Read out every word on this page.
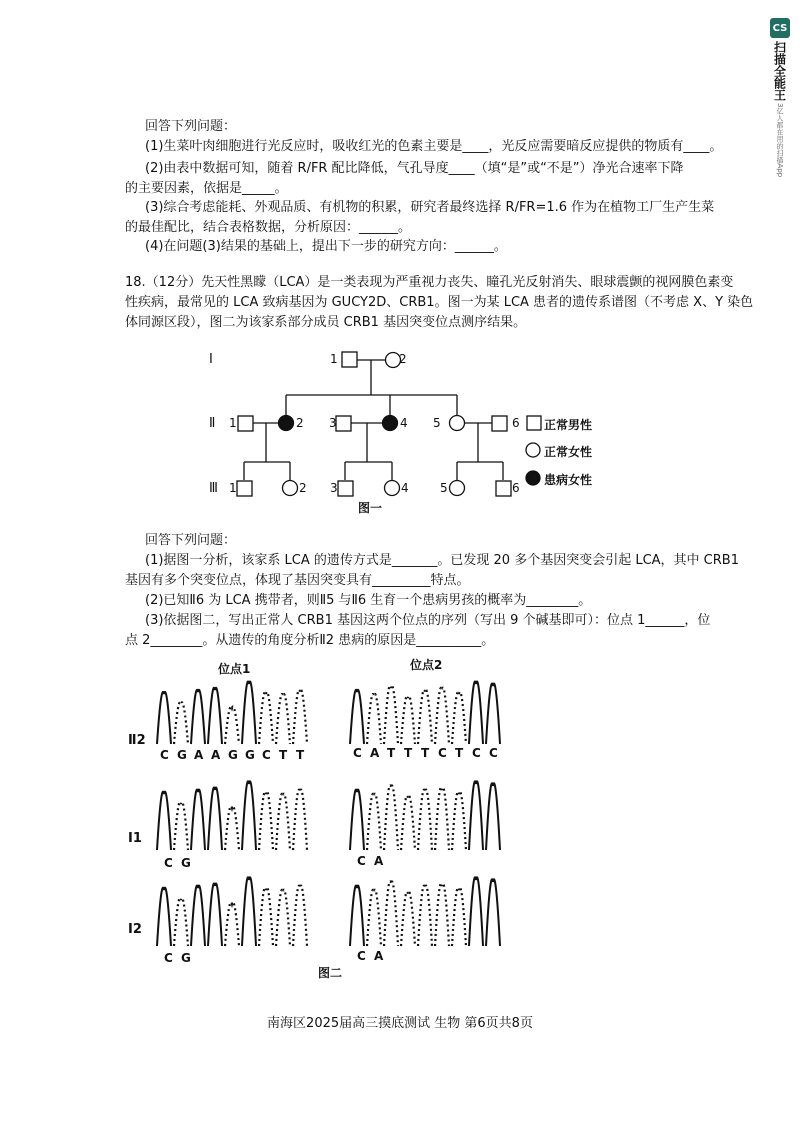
CS
扫描全能王
3亿人都在用的扫描App
回答下列问题：
(1)生菜叶肉细胞进行光反应时，吸收红光的色素主要是____，光反应需要暗反应提供的物质有____。
(2)由表中数据可知，随着 R/FR 配比降低，气孔导度____（填“是”或“不是”）净光合速率下降
的主要因素，依据是_____。
(3)综合考虑能耗、外观品质、有机物的积累，研究者最终选择 R/FR=1.6 作为在植物工厂生产生菜
的最佳配比，结合表格数据，分析原因：______。
(4)在问题(3)结果的基础上，提出下一步的研究方向：______。
18.（12分）先天性黑矇（LCA）是一类表现为严重视力丧失、瞳孔光反射消失、眼球震颤的视网膜色素变
性疾病，最常见的 LCA 致病基因为 GUCY2D、CRB1。图一为某 LCA 患者的遗传系谱图（不考虑 X、Y 染色
体同源区段），图二为该家系部分成员 CRB1 基因突变位点测序结果。
回答下列问题：
(1)据图一分析，该家系 LCA 的遗传方式是_______。已发现 20 多个基因突变会引起 LCA，其中 CRB1
基因有多个突变位点，体现了基因突变具有_________特点。
(2)已知Ⅱ6 为 LCA 携带者，则Ⅱ5 与Ⅱ6 生育一个患病男孩的概率为________。
(3)依据图二，写出正常人 CRB1 基因这两个位点的序列（写出 9 个碱基即可）：位点 1______，位
点 2________。从遗传的角度分析Ⅱ2 患病的原因是__________。
Ⅰ
Ⅱ
Ⅲ
1	2
1	2 3	4 5	6
1	2 3	4	5	6
正常男性
正常女性
患病女性
图一
位点1	位点2
Ⅱ2
Ⅰ1
Ⅰ2
C G A A G G C T T	C A T T T C T C C
C G	C A
C G	C A
图二
南海区2025届高三摸底测试 生物 第6页共8页
